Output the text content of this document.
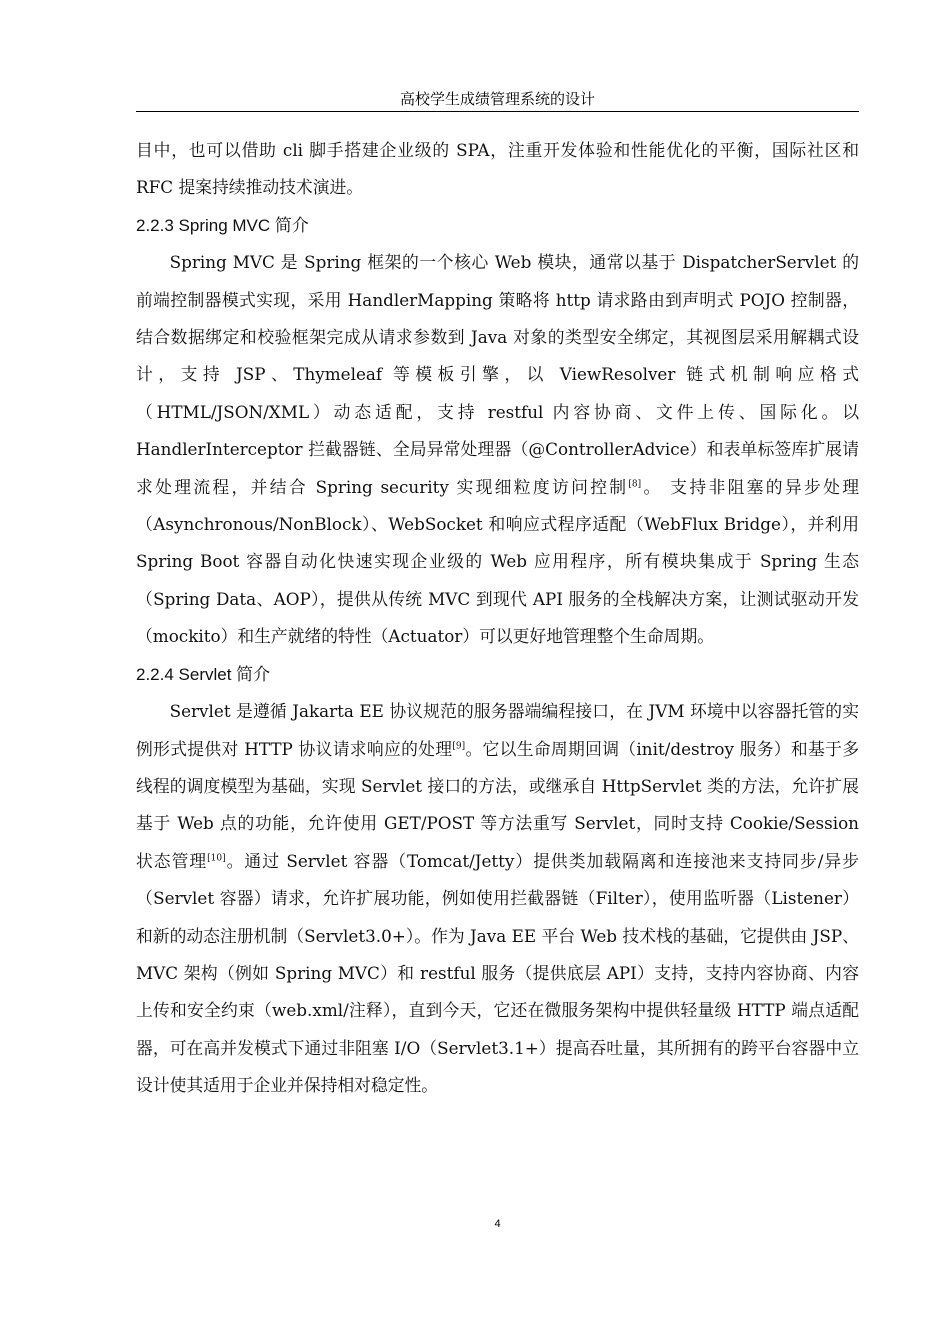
高校学生成绩管理系统的设计

目中，也可以借助 cli 脚手搭建企业级的 SPA，注重开发体验和性能优化的平衡，国际社区和 RFC 提案持续推动技术演进。

2.2.3 Spring MVC 简介

Spring MVC 是 Spring 框架的一个核心 Web 模块，通常以基于 DispatcherServlet 的前端控制器模式实现，采用 HandlerMapping 策略将 http 请求路由到声明式 POJO 控制器，结合数据绑定和校验框架完成从请求参数到 Java 对象的类型安全绑定，其视图层采用解耦式设计，支持 JSP、Thymeleaf 等模板引擎，以 ViewResolver 链式机制响应格式（HTML/JSON/XML）动态适配，支持 restful 内容协商、文件上传、国际化。以 HandlerInterceptor 拦截器链、全局异常处理器（@ControllerAdvice）和表单标签库扩展请求处理流程，并结合 Spring security 实现细粒度访问控制[8]。 支持非阻塞的异步处理（Asynchronous/NonBlock）、WebSocket 和响应式程序适配（WebFlux Bridge），并利用 Spring Boot 容器自动化快速实现企业级的 Web 应用程序，所有模块集成于 Spring 生态（Spring Data、AOP），提供从传统 MVC 到现代 API 服务的全栈解决方案，让测试驱动开发（mockito）和生产就绪的特性（Actuator）可以更好地管理整个生命周期。

2.2.4 Servlet 简介

Servlet 是遵循 Jakarta EE 协议规范的服务器端编程接口，在 JVM 环境中以容器托管的实例形式提供对 HTTP 协议请求响应的处理[9]。它以生命周期回调（init/destroy 服务）和基于多线程的调度模型为基础，实现 Servlet 接口的方法，或继承自 HttpServlet 类的方法，允许扩展基于 Web 点的功能，允许使用 GET/POST 等方法重写 Servlet，同时支持 Cookie/Session 状态管理[10]。通过 Servlet 容器（Tomcat/Jetty）提供类加载隔离和连接池来支持同步/异步（Servlet 容器）请求，允许扩展功能，例如使用拦截器链（Filter），使用监听器（Listener）和新的动态注册机制（Servlet3.0+）。作为 Java EE 平台 Web 技术栈的基础，它提供由 JSP、MVC 架构（例如 Spring MVC）和 restful 服务（提供底层 API）支持，支持内容协商、内容上传和安全约束（web.xml/注释），直到今天，它还在微服务架构中提供轻量级 HTTP 端点适配器，可在高并发模式下通过非阻塞 I/O（Servlet3.1+）提高吞吐量，其所拥有的跨平台容器中立设计使其适用于企业并保持相对稳定性。

4
